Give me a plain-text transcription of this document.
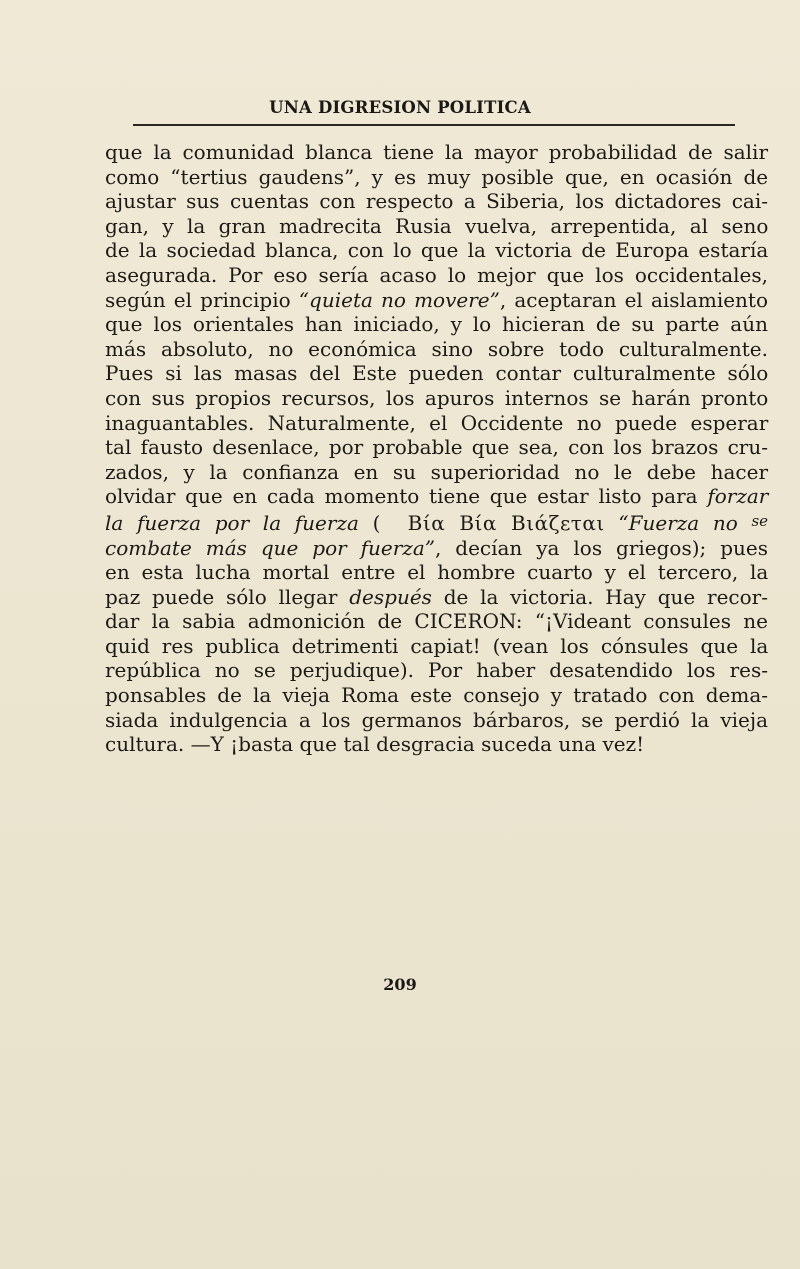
UNA DIGRESION POLITICA
que la comunidad blanca tiene la mayor probabilidad de salir
como “tertius gaudens”, y es muy posible que, en ocasión de
ajustar sus cuentas con respecto a Siberia, los dictadores cai-
gan, y la gran madrecita Rusia vuelva, arrepentida, al seno
de la sociedad blanca, con lo que la victoria de Europa estaría
asegurada. Por eso sería acaso lo mejor que los occidentales,
según el principio “quieta no movere”, aceptaran el aislamiento
que los orientales han iniciado, y lo hicieran de su parte aún
más absoluto, no económica sino sobre todo culturalmente.
Pues si las masas del Este pueden contar culturalmente sólo
con sus propios recursos, los apuros internos se harán pronto
inaguantables. Naturalmente, el Occidente no puede esperar
tal fausto desenlace, por probable que sea, con los brazos cru-
zados, y la confianza en su superioridad no le debe hacer
olvidar que en cada momento tiene que estar listo para forzar
la fuerza por la fuerza (  Βία Βία Βιάζεται “Fuerza no $^{se}$
combate más que por fuerza”, decían ya los griegos); pues
en esta lucha mortal entre el hombre cuarto y el tercero, la
paz puede sólo llegar después de la victoria. Hay que recor-
dar la sabia admonición de CICERON: “¡Videant consules ne
quid res publica detrimenti capiat! (vean los cónsules que la
república no se perjudique). Por haber desatendido los res-
ponsables de la vieja Roma este consejo y tratado con dema-
siada indulgencia a los germanos bárbaros, se perdió la vieja
cultura. —Y ¡basta que tal desgracia suceda una vez!
209
